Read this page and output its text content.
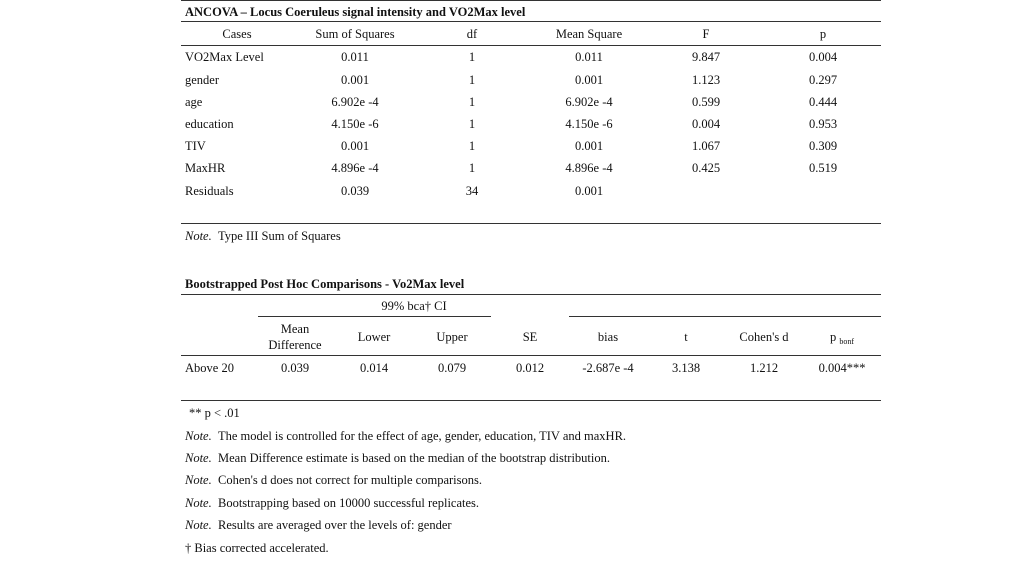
ANCOVA – Locus Coeruleus signal intensity and VO2Max level
Cases	Sum of Squares	df	Mean Square	F	p
VO2Max Level	0.011	1	0.011	9.847	0.004
gender	0.001	1	0.001	1.123	0.297
age	6.902e -4	1	6.902e -4	0.599	0.444
education	4.150e -6	1	4.150e -6	0.004	0.953
TIV	0.001	1	0.001	1.067	0.309
MaxHR	4.896e -4	1	4.896e -4	0.425	0.519
Residuals	0.039	34	0.001
Note. Type III Sum of Squares
Bootstrapped Post Hoc Comparisons - Vo2Max level
99% bca† CI
Mean
Difference
Lower	Upper	SE	bias	t	Cohen's d	p $_{bonf}$
Above 20	0.039	0.014	0.079	0.012	-2.687e -4	3.138	1.212	0.004***
** p < .01
Note. The model is controlled for the effect of age, gender, education, TIV and maxHR.
Note. Mean Difference estimate is based on the median of the bootstrap distribution.
Note. Cohen's d does not correct for multiple comparisons.
Note. Bootstrapping based on 10000 successful replicates.
Note. Results are averaged over the levels of: gender
† Bias corrected accelerated.
